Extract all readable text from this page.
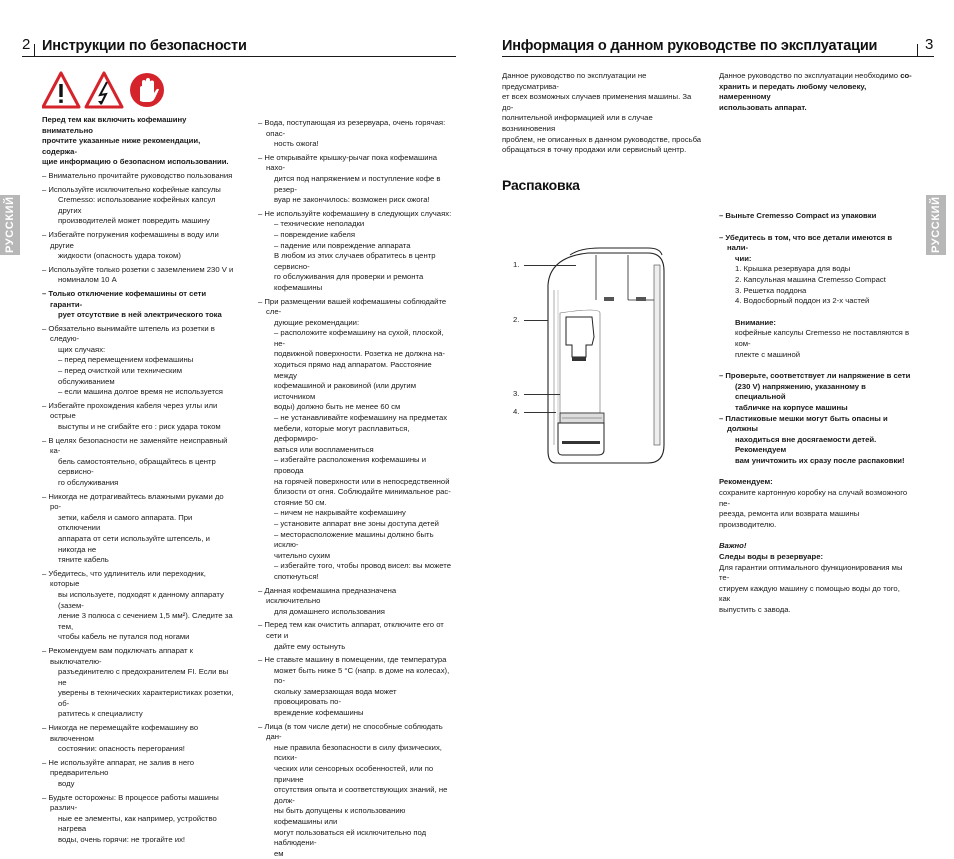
2 Инструкции по безопасности
РУССКИЙ

Перед тем как включить кофемашину внимательно

прочтите указанные ниже рекомендации, содержа-

щие информацию о безопасном использовании.

– Внимательно прочитайте руководство пользования

– Используйте исключительно кофейные капсулы

Cremesso: использование кофейных капсул других

производителей может повредить машину

– Избегайте погружения кофемашины в воду или другие

жидкости (опасность удара током)

– Используйте только розетки с заземлением 230 V и

номиналом 10 А

– Только отключение кофемашины от сети гаранти-

рует отсутствие в ней электрического тока

– Обязательно вынимайте штепель из розетки в следую-

щих случаях:

– перед перемещением кофемашины

– перед очисткой или техническим обслуживанием

– если машина долгое время не используется

– Избегайте прохождения кабеля через углы или острые

выступы и не сгибайте его : риск удара током

– В целях безопасности не заменяйте неисправный ка-

бель самостоятельно, обращайтесь в центр сервисно-

го обслуживания

– Никогда не дотрагивайтесь влажными руками до ро-

зетки, кабеля и самого аппарата. При отключении

аппарата от сети используйте штепсель, и никогда не

тяните кабель

– Убедитесь, что удлинитель или переходник, которые

вы используете, подходят к данному аппарату (зазем-

ление 3 полюса с сечением 1,5 мм²). Следите за тем,

чтобы кабель не путался под ногами

– Рекомендуем вам подключать аппарат к выключателю-

разъединителю с предохранителем FI. Если вы не

уверены в технических характеристиках розетки, об-

ратитесь к специалисту

– Никогда не перемещайте кофемашину во включенном

состоянии: опасность перегорания!

– Не используйте аппарат, не залив в него предварительно

воду

– Будьте осторожны: В процессе работы машины различ-

ные ее элементы, как например, устройство нагрева

воды, очень горячи: не трогайте их!

– Вода, поступающая из резервуара, очень горячая: опас-

ность ожога!

– Не открывайте крышку-рычаг пока кофемашина нахо-

дится под напряжением и поступление кофе в резер-

вуар не закончилось: возможен риск ожога!

– Не используйте кофемашину в следующих случаях:

– технические неполадки

– повреждение кабеля

– падение или повреждение аппарата

В любом из этих случаев обратитесь в центр сервисно-

го обслуживания для проверки и ремонта кофемашины

– При размещении вашей кофемашины соблюдайте сле-

дующие рекомендации:

– расположите кофемашину на сухой, плоской, не-

подвижной поверхности. Розетка не должна на-

ходиться прямо над аппаратом. Расстояние между

кофемашиной и раковиной (или другим источником

воды) должно быть не менее 60 см

– не устанавливайте кофемашину на предметах

мебели, которые могут расплавиться, деформиро-

ваться или воспламениться

– избегайте расположения кофемашины и провода

на горячей поверхности или в непосредственной

близости от огня. Соблюдайте минимальное рас-

стояние 50 см.

– ничем не накрывайте кофемашину

– установите аппарат вне зоны доступа детей

– месторасположение машины должно быть исклю-

чительно сухим

– избегайте того, чтобы провод висел: вы можете

споткнуться!

– Данная кофемашина предназначена исключительно

для домашнего использования

– Перед тем как очистить аппарат, отключите его от сети и

дайте ему остынуть

– Не ставьте машину в помещении, где температура

может быть ниже 5 °С (напр. в доме на колесах), по-

скольку замерзающая вода может провоцировать по-

вреждение кофемашины

– Лица (в том числе дети) не способные соблюдать дан-

ные правила безопасности в силу физических, психи-

ческих или сенсорных особенностей, или по причине

отсутствия опыта и соответствующих знаний, не долж-

ны быть допущены к использованию кофемашины или

могут пользоваться ей исключительно под наблюдени-

ем

Информация о данном руководстве по эксплуатации	3

Данное руководство по эксплуатации не предусматрива-

ет всех возможных случаев применения машины. За до-

полнительной информацией или в случае возникновения

проблем, не описанных в данном руководстве, просьба

обращаться в точку продажи или сервисный центр.

Данное руководство по эксплуатации необходимо со-

хранить и передать любому человеку, намеренному

использовать аппарат.

Распаковка
РУССКИЙ
1.
2.
3.
4.

– Выньте Cremesso Compact из упаковки

– Убедитесь в том, что все детали имеются в нали-

чии:

1. Крышка резервуара для воды

2. Капсульная машина Cremesso Compact

3. Решетка поддона

4. Водосборный поддон из 2-х частей

Внимание:

кофейные капсулы Cremesso не поставляются в ком-

плекте с машиной

– Проверьте, соответствует ли напряжение в сети

(230 V) напряжению, указанному в специальной

табличке на корпусе машины

– Пластиковые мешки могут быть опасны и должны

находиться вне досягаемости детей. Рекомендуем

вам уничтожить их сразу после распаковки!

Рекомендуем:

сохраните картонную коробку на случай возможного пе-

реезда, ремонта или возврата машины производителю.

Важно!

Следы воды в резервуаре:

Для гарантии оптимального функционирования мы те-

стируем каждую машину с помощью воды до того, как

выпустить с завода.
